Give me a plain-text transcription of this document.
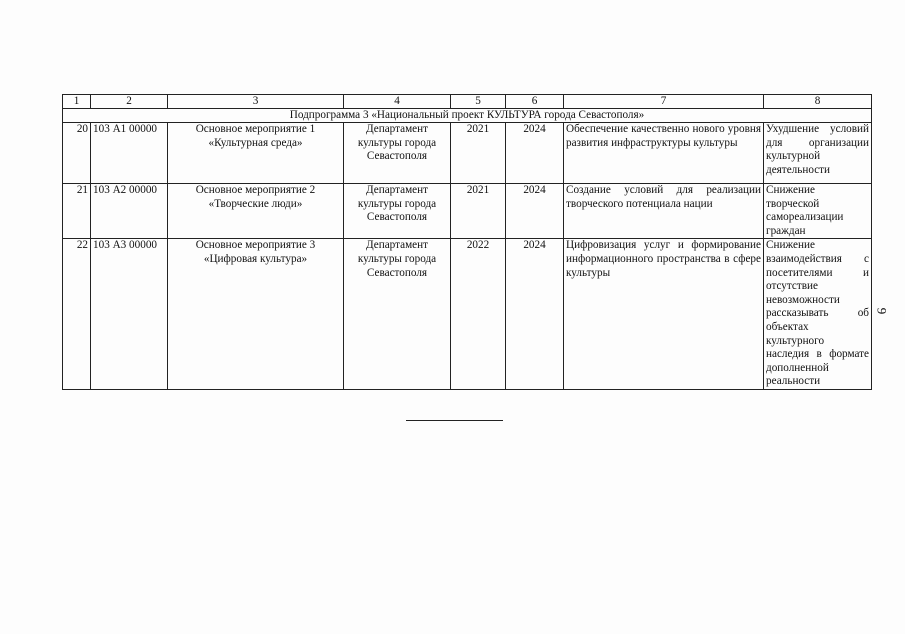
1	2	3	4	5	6	7	8
Подпрограмма 3 «Национальный проект КУЛЬТУРА города Севастополя»							
20	103 А1 00000	Основное мероприятие 1 «Культурная среда»	Департамент культуры города Севастополя	2021	2024	Обеспечение качественно нового уровня развития инфраструктуры культуры	Ухудшение условий для организации культурной деятельности
21	103 А2 00000	Основное мероприятие 2 «Творческие люди»	Департамент культуры города Севастополя	2021	2024	Создание условий для реализации творческого потенциала нации	Снижение творческой самореализации граждан
22	103 А3 00000	Основное мероприятие 3 «Цифровая культура»	Департамент культуры города Севастополя	2022	2024	Цифровизация услуг и формирование информационного пространства в сфере культуры	Снижение взаимодействия с посетителями и отсутствие невозможности рассказывать об объектах культурного наследия в формате дополненной реальности
9
